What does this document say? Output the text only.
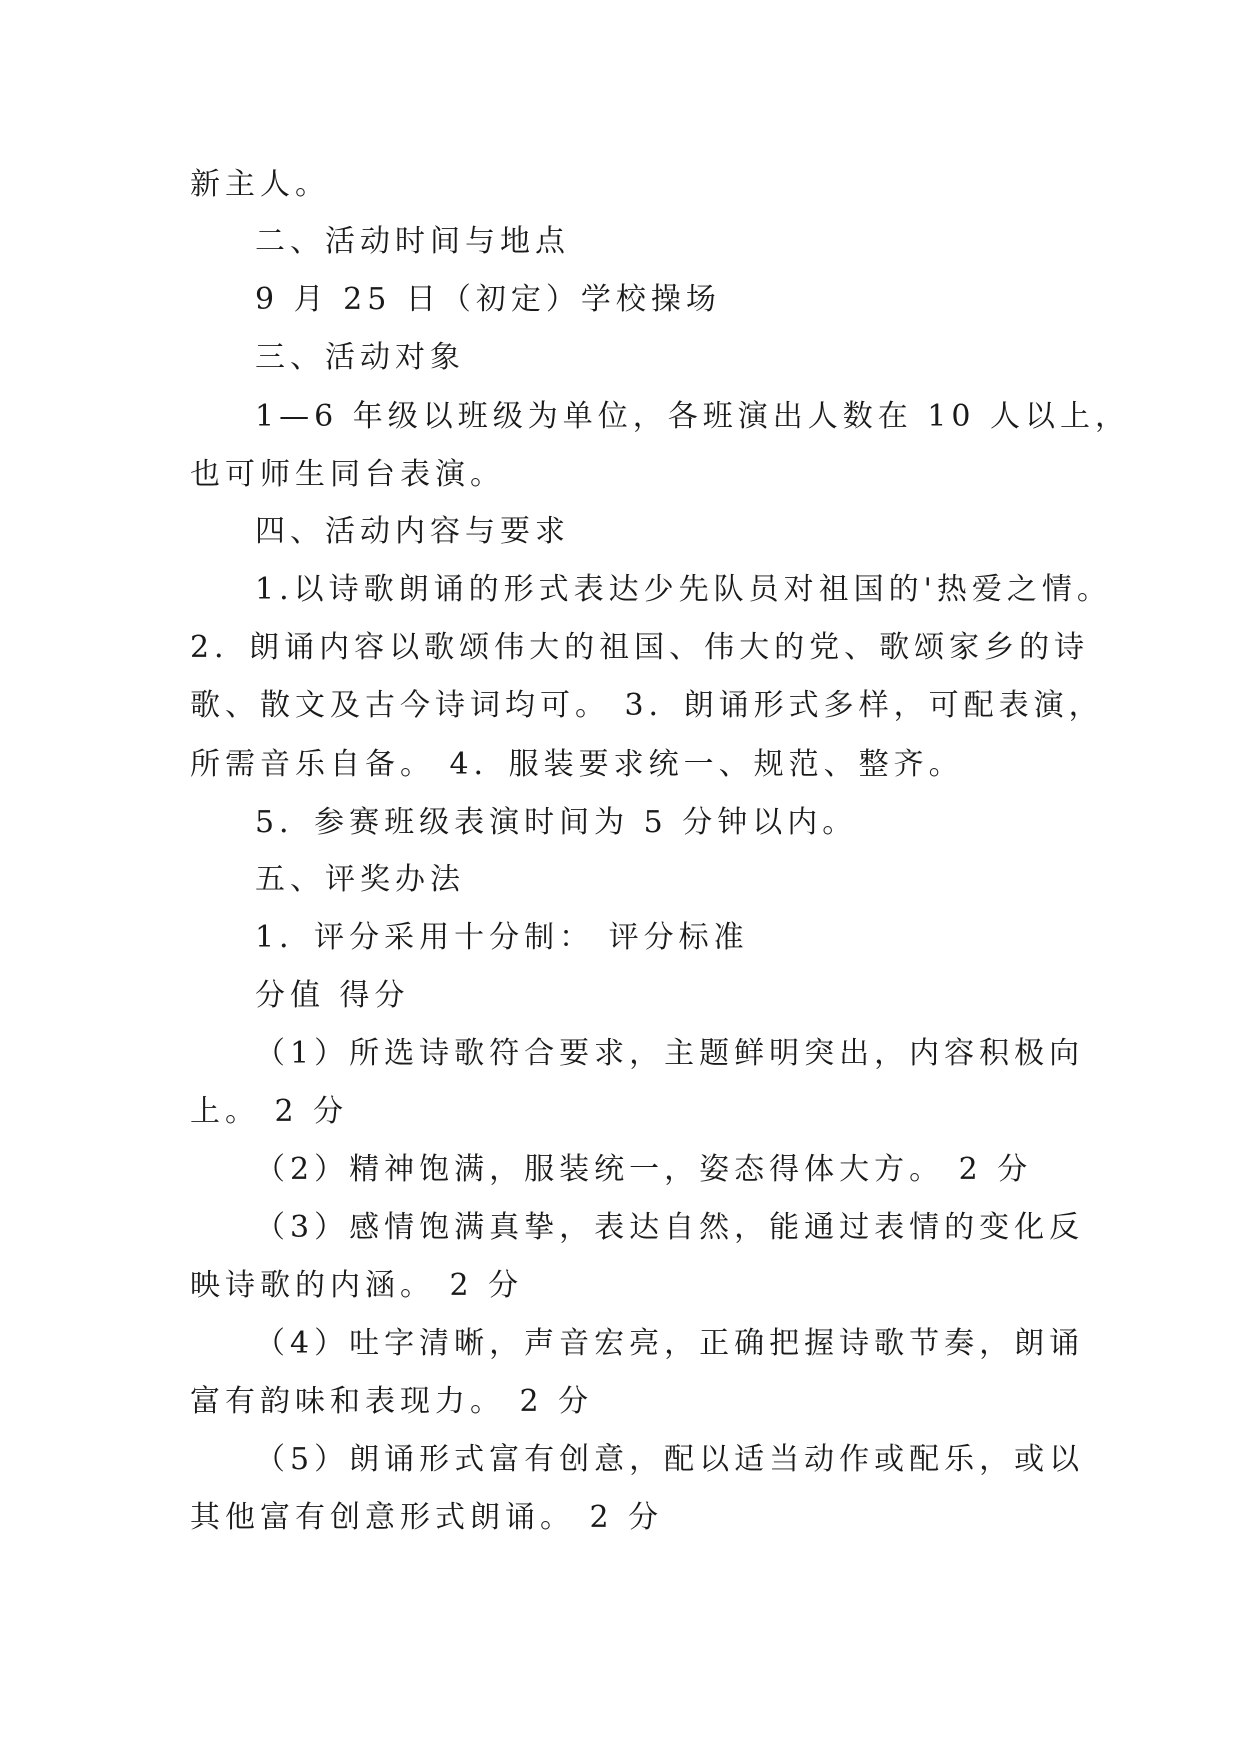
新主人。
二、活动时间与地点
9 月 25 日（初定）学校操场
三、活动对象
1—6 年级以班级为单位，各班演出人数在 10 人以上，
也可师生同台表演。
四、活动内容与要求
1.以诗歌朗诵的形式表达少先队员对祖国的'热爱之情。
2．朗诵内容以歌颂伟大的祖国、伟大的党、歌颂家乡的诗
歌、散文及古今诗词均可。 3．朗诵形式多样，可配表演，
所需音乐自备。 4．服装要求统一、规范、整齐。
5．参赛班级表演时间为 5 分钟以内。
五、评奖办法
1．评分采用十分制： 评分标准
分值 得分
（1）所选诗歌符合要求，主题鲜明突出，内容积极向
上。 2 分
（2）精神饱满，服装统一，姿态得体大方。 2 分
（3）感情饱满真挚，表达自然，能通过表情的变化反
映诗歌的内涵。 2 分
（4）吐字清晰，声音宏亮，正确把握诗歌节奏，朗诵
富有韵味和表现力。 2 分
（5）朗诵形式富有创意，配以适当动作或配乐，或以
其他富有创意形式朗诵。 2 分
